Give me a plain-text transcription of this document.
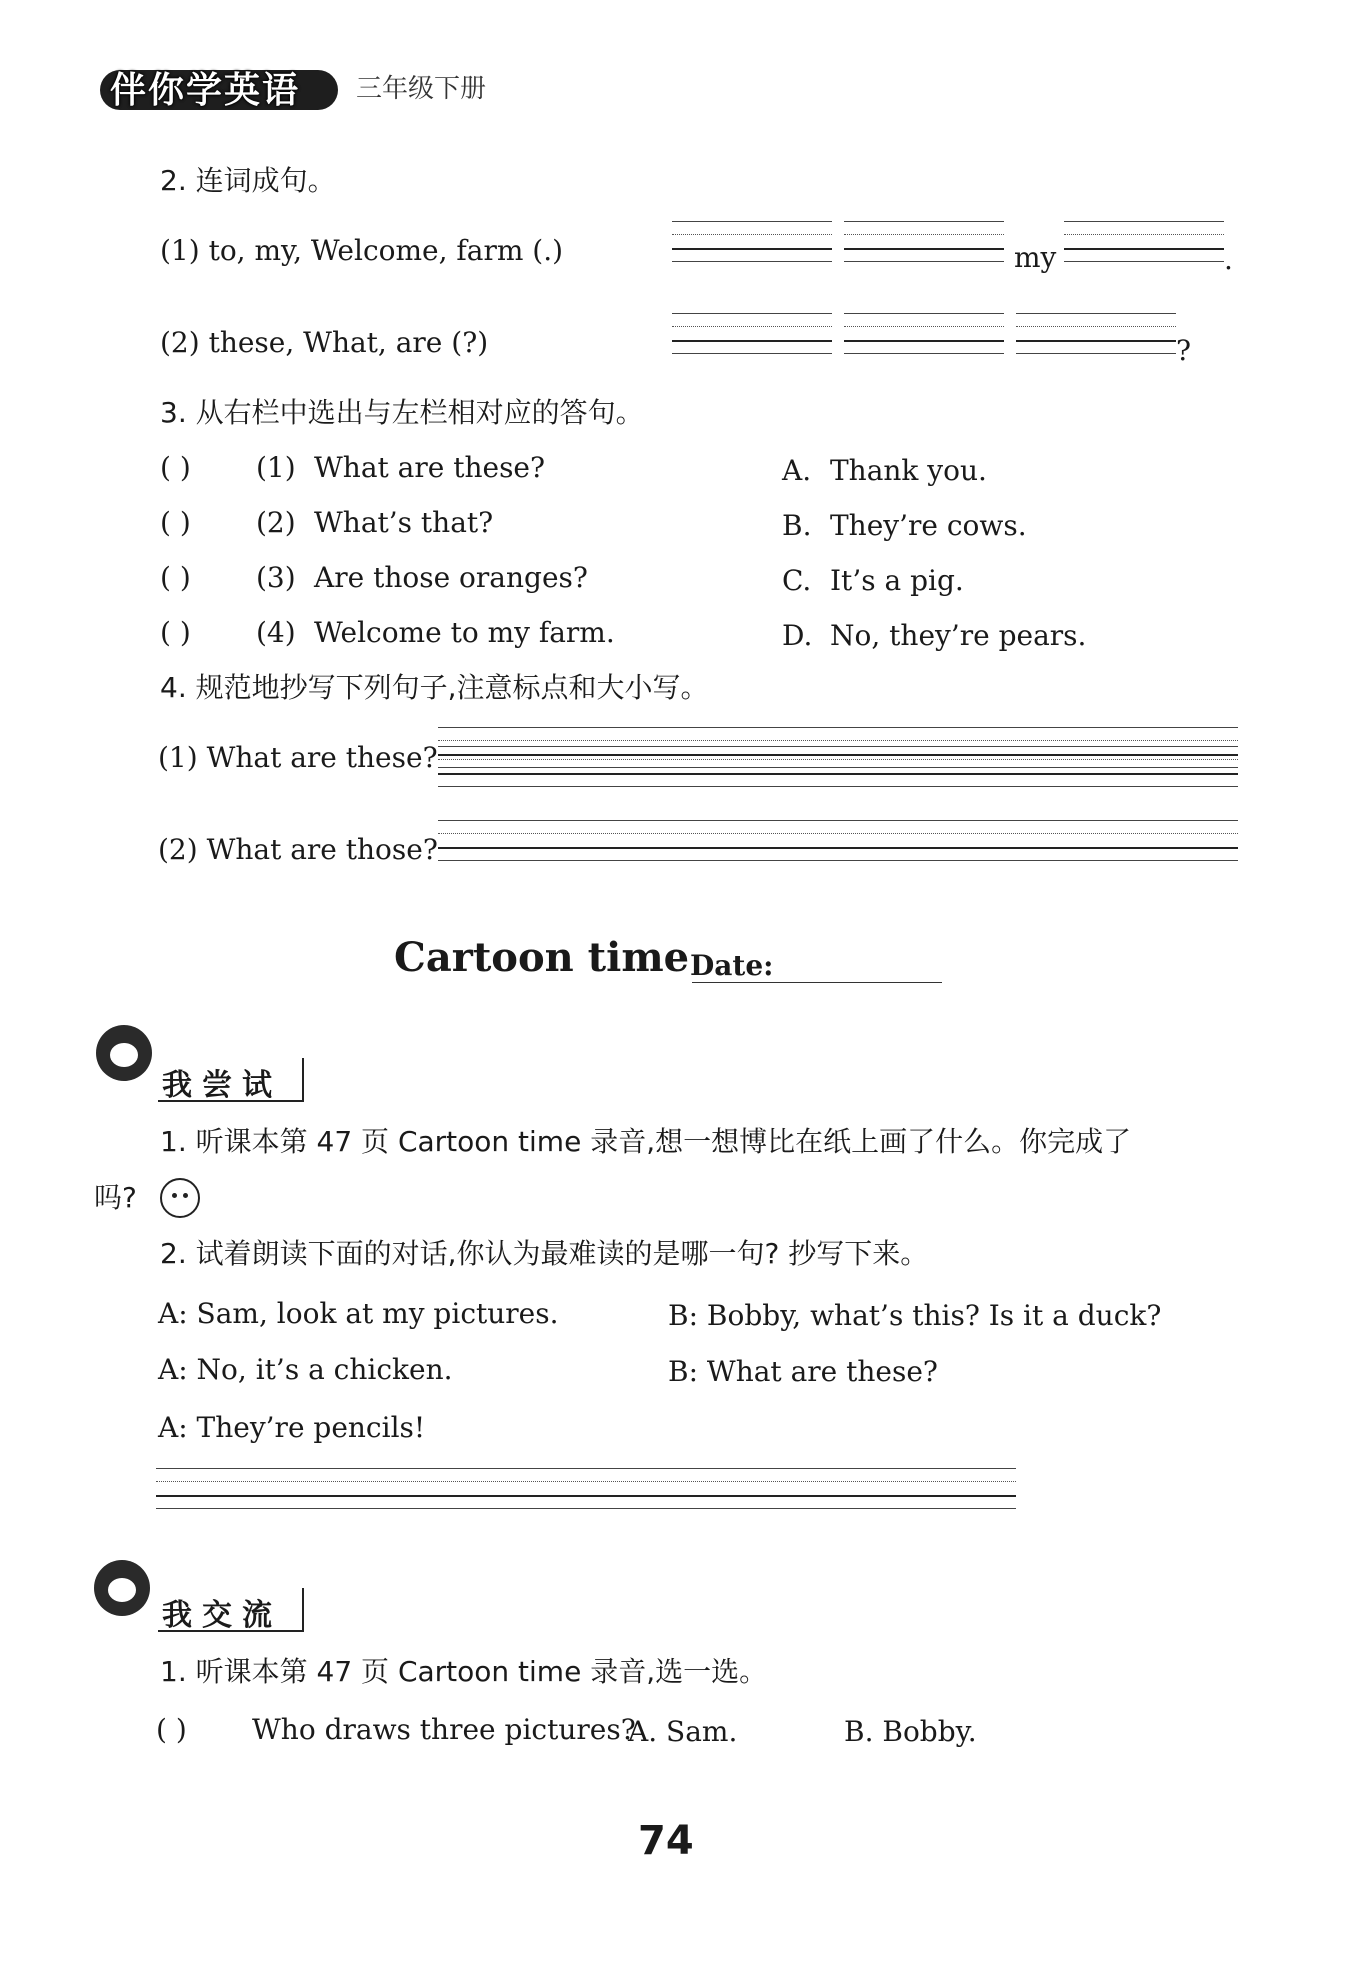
伴你学英语 三年级下册
2. 连词成句。
(1) to, my, Welcome, farm (.)	my	.
(2) these, What, are (?)	?
3. 从右栏中选出与左栏相对应的答句。
( ) (1) What are these?	A. Thank you.
( ) (2) What’s that?	B. They’re cows.
( ) (3) Are those oranges?	C. It’s a pig.
( ) (4) Welcome to my farm.	D. No, they’re pears.
4. 规范地抄写下列句子,注意标点和大小写。
(1) What are these?
(2) What are those?
Cartoon time Date:
我尝试
1. 听课本第 47 页 Cartoon time 录音,想一想博比在纸上画了什么。你完成了
吗?
2. 试着朗读下面的对话,你认为最难读的是哪一句? 抄写下来。
A: Sam, look at my pictures.	B: Bobby, what’s this? Is it a duck?
A: No, it’s a chicken.	B: What are these?
A: They’re pencils!
我交流
1. 听课本第 47 页 Cartoon time 录音,选一选。
( ) Who draws three pictures?
A. Sam.	B. Bobby.
74
